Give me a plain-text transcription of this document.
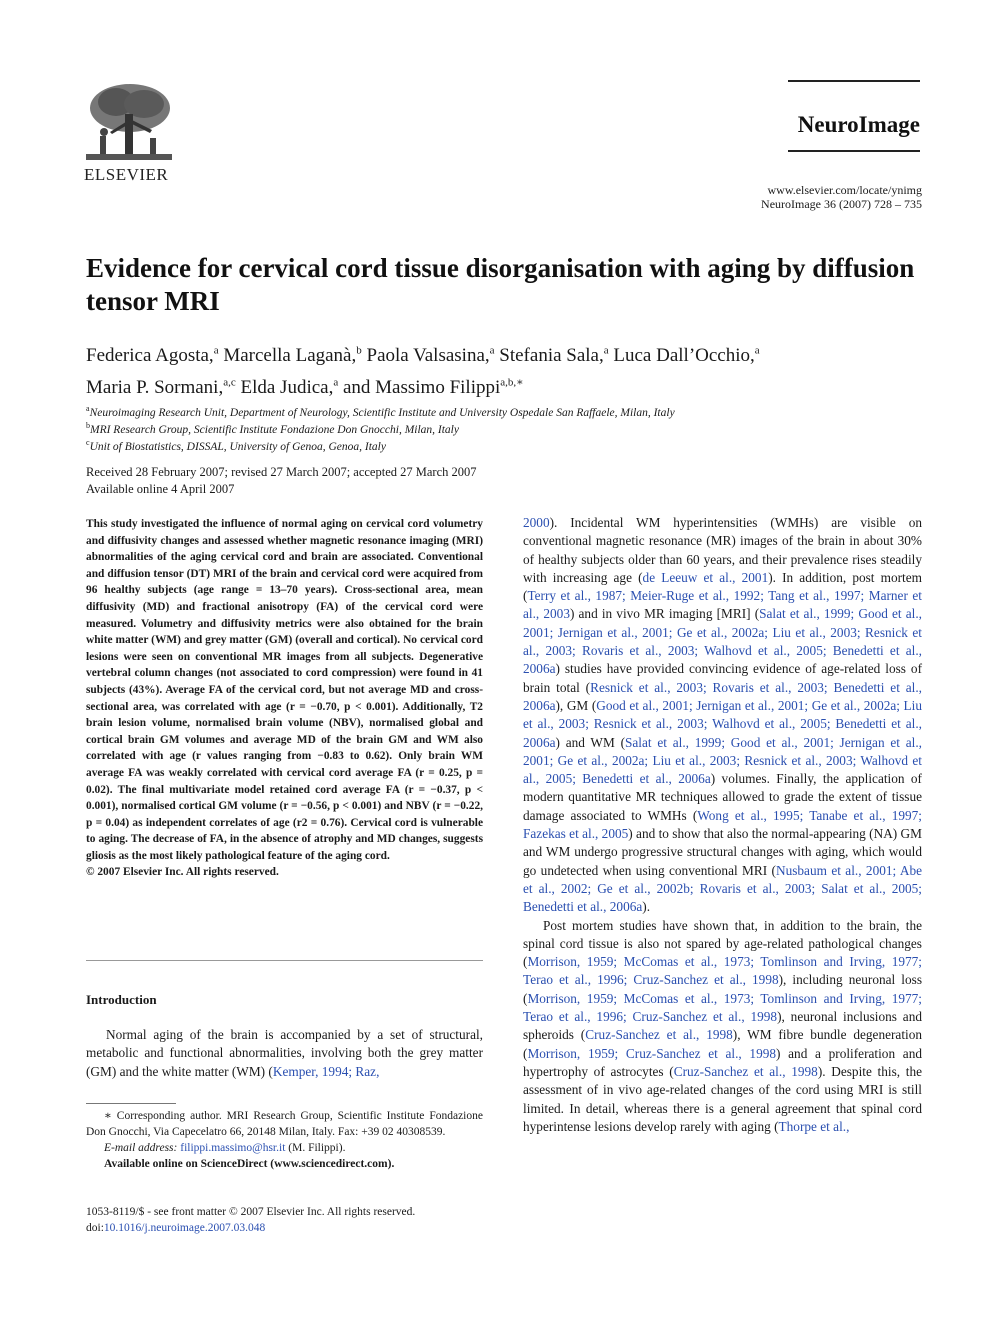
ELSEVIER
NeuroImage
www.elsevier.com/locate/ynimg
NeuroImage 36 (2007) 728 – 735
Evidence for cervical cord tissue disorganisation with aging by diffusion tensor MRI
Federica Agosta,$^a$ Marcella Laganà,$^b$ Paola Valsasina,$^a$ Stefania Sala,$^a$ Luca Dall’Occhio,$^a$
Maria P. Sormani,$^{a,c}$ Elda Judica,$^a$ and Massimo Filippi$^{a,b,∗}$
$^a$Neuroimaging Research Unit, Department of Neurology, Scientific Institute and University Ospedale San Raffaele, Milan, Italy
$^b$MRI Research Group, Scientific Institute Fondazione Don Gnocchi, Milan, Italy
$^c$Unit of Biostatistics, DISSAL, University of Genoa, Genoa, Italy
Received 28 February 2007; revised 27 March 2007; accepted 27 March 2007
Available online 4 April 2007
This study investigated the influence of normal aging on cervical cord volumetry and diffusivity changes and assessed whether magnetic resonance imaging (MRI) abnormalities of the aging cervical cord and brain are associated. Conventional and diffusion tensor (DT) MRI of the brain and cervical cord were acquired from 96 healthy subjects (age range = 13–70 years). Cross-sectional area, mean diffusivity (MD) and fractional anisotropy (FA) of the cervical cord were measured. Volumetry and diffusivity metrics were also obtained for the brain white matter (WM) and grey matter (GM) (overall and cortical). No cervical cord lesions were seen on conventional MR images from all subjects. Degenerative vertebral column changes (not associated to cord compression) were found in 41 subjects (43%). Average FA of the cervical cord, but not average MD and cross-sectional area, was correlated with age (r = −0.70, p < 0.001). Additionally, T2 brain lesion volume, normalised brain volume (NBV), normalised global and cortical brain GM volumes and average MD of the brain GM and WM also correlated with age (r values ranging from −0.83 to 0.62). Only brain WM average FA was weakly correlated with cervical cord average FA (r = 0.25, p = 0.02). The final multivariate model retained cord average FA (r = −0.37, p < 0.001), normalised cortical GM volume (r = −0.56, p < 0.001) and NBV (r = −0.22, p = 0.04) as independent correlates of age (r2 = 0.76). Cervical cord is vulnerable to aging. The decrease of FA, in the absence of atrophy and MD changes, suggests gliosis as the most likely pathological feature of the aging cord.
© 2007 Elsevier Inc. All rights reserved.
Introduction
Normal aging of the brain is accompanied by a set of structural, metabolic and functional abnormalities, involving both the grey matter (GM) and the white matter (WM) (Kemper, 1994; Raz,
∗ Corresponding author. MRI Research Group, Scientific Institute Fondazione Don Gnocchi, Via Capecelatro 66, 20148 Milan, Italy. Fax: +39 02 40308539.
E-mail address: filippi.massimo@hsr.it (M. Filippi).
Available online on ScienceDirect (www.sciencedirect.com).
1053-8119/$ - see front matter © 2007 Elsevier Inc. All rights reserved.
doi:10.1016/j.neuroimage.2007.03.048

2000). Incidental WM hyperintensities (WMHs) are visible on conventional magnetic resonance (MR) images of the brain in about 30% of healthy subjects older than 60 years, and their prevalence rises steadily with increasing age (de Leeuw et al., 2001). In addition, post mortem (Terry et al., 1987; Meier-Ruge et al., 1992; Tang et al., 1997; Marner et al., 2003) and in vivo MR imaging [MRI] (Salat et al., 1999; Good et al., 2001; Jernigan et al., 2001; Ge et al., 2002a; Liu et al., 2003; Resnick et al., 2003; Rovaris et al., 2003; Walhovd et al., 2005; Benedetti et al., 2006a) studies have provided convincing evidence of age-related loss of brain total (Resnick et al., 2003; Rovaris et al., 2003; Benedetti et al., 2006a), GM (Good et al., 2001; Jernigan et al., 2001; Ge et al., 2002a; Liu et al., 2003; Resnick et al., 2003; Walhovd et al., 2005; Benedetti et al., 2006a) and WM (Salat et al., 1999; Good et al., 2001; Jernigan et al., 2001; Ge et al., 2002a; Liu et al., 2003; Resnick et al., 2003; Walhovd et al., 2005; Benedetti et al., 2006a) volumes. Finally, the application of modern quantitative MR techniques allowed to grade the extent of tissue damage associated to WMHs (Wong et al., 1995; Tanabe et al., 1997; Fazekas et al., 2005) and to show that also the normal-appearing (NA) GM and WM undergo progressive structural changes with aging, which would go undetected when using conventional MRI (Nusbaum et al., 2001; Abe et al., 2002; Ge et al., 2002b; Rovaris et al., 2003; Salat et al., 2005; Benedetti et al., 2006a).

Post mortem studies have shown that, in addition to the brain, the spinal cord tissue is also not spared by age-related pathological changes (Morrison, 1959; McComas et al., 1973; Tomlinson and Irving, 1977; Terao et al., 1996; Cruz-Sanchez et al., 1998), including neuronal loss (Morrison, 1959; McComas et al., 1973; Tomlinson and Irving, 1977; Terao et al., 1996; Cruz-Sanchez et al., 1998), neuronal inclusions and spheroids (Cruz-Sanchez et al., 1998), WM fibre bundle degeneration (Morrison, 1959; Cruz-Sanchez et al., 1998) and a proliferation and hypertrophy of astrocytes (Cruz-Sanchez et al., 1998). Despite this, the assessment of in vivo age-related changes of the cord using MRI is still limited. In detail, whereas there is a general agreement that spinal cord hyperintense lesions develop rarely with aging (Thorpe et al.,
